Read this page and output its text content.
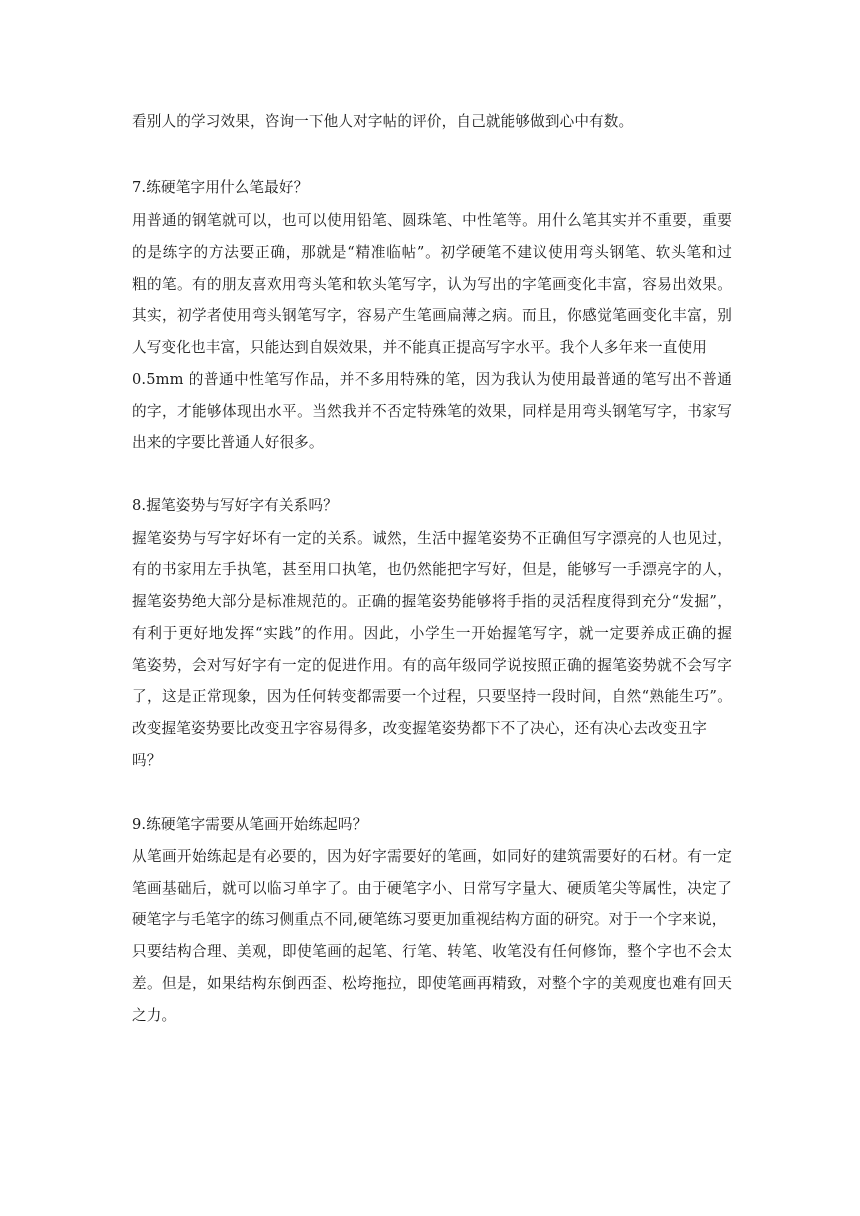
看别人的学习效果，咨询一下他人对字帖的评价，自己就能够做到心中有数。
7.练硬笔字用什么笔最好？
用普通的钢笔就可以，也可以使用铅笔、圆珠笔、中性笔等。用什么笔其实并不重要，重要
的是练字的方法要正确，那就是“精准临帖”。初学硬笔不建议使用弯头钢笔、软头笔和过
粗的笔。有的朋友喜欢用弯头笔和软头笔写字，认为写出的字笔画变化丰富，容易出效果。
其实，初学者使用弯头钢笔写字，容易产生笔画扁薄之病。而且，你感觉笔画变化丰富，别
人写变化也丰富，只能达到自娱效果，并不能真正提高写字水平。我个人多年来一直使用
0.5mm 的普通中性笔写作品，并不多用特殊的笔，因为我认为使用最普通的笔写出不普通
的字，才能够体现出水平。当然我并不否定特殊笔的效果，同样是用弯头钢笔写字，书家写
出来的字要比普通人好很多。
8.握笔姿势与写好字有关系吗？
握笔姿势与写字好坏有一定的关系。诚然，生活中握笔姿势不正确但写字漂亮的人也见过，
有的书家用左手执笔，甚至用口执笔，也仍然能把字写好，但是，能够写一手漂亮字的人，
握笔姿势绝大部分是标准规范的。正确的握笔姿势能够将手指的灵活程度得到充分“发掘”，
有利于更好地发挥“实践”的作用。因此，小学生一开始握笔写字，就一定要养成正确的握
笔姿势，会对写好字有一定的促进作用。有的高年级同学说按照正确的握笔姿势就不会写字
了，这是正常现象，因为任何转变都需要一个过程，只要坚持一段时间，自然“熟能生巧”。
改变握笔姿势要比改变丑字容易得多，改变握笔姿势都下不了决心，还有决心去改变丑字
吗？
9.练硬笔字需要从笔画开始练起吗？
从笔画开始练起是有必要的，因为好字需要好的笔画，如同好的建筑需要好的石材。有一定
笔画基础后，就可以临习单字了。由于硬笔字小、日常写字量大、硬质笔尖等属性，决定了
硬笔字与毛笔字的练习侧重点不同,硬笔练习要更加重视结构方面的研究。对于一个字来说，
只要结构合理、美观，即使笔画的起笔、行笔、转笔、收笔没有任何修饰，整个字也不会太
差。但是，如果结构东倒西歪、松垮拖拉，即使笔画再精致，对整个字的美观度也难有回天
之力。
